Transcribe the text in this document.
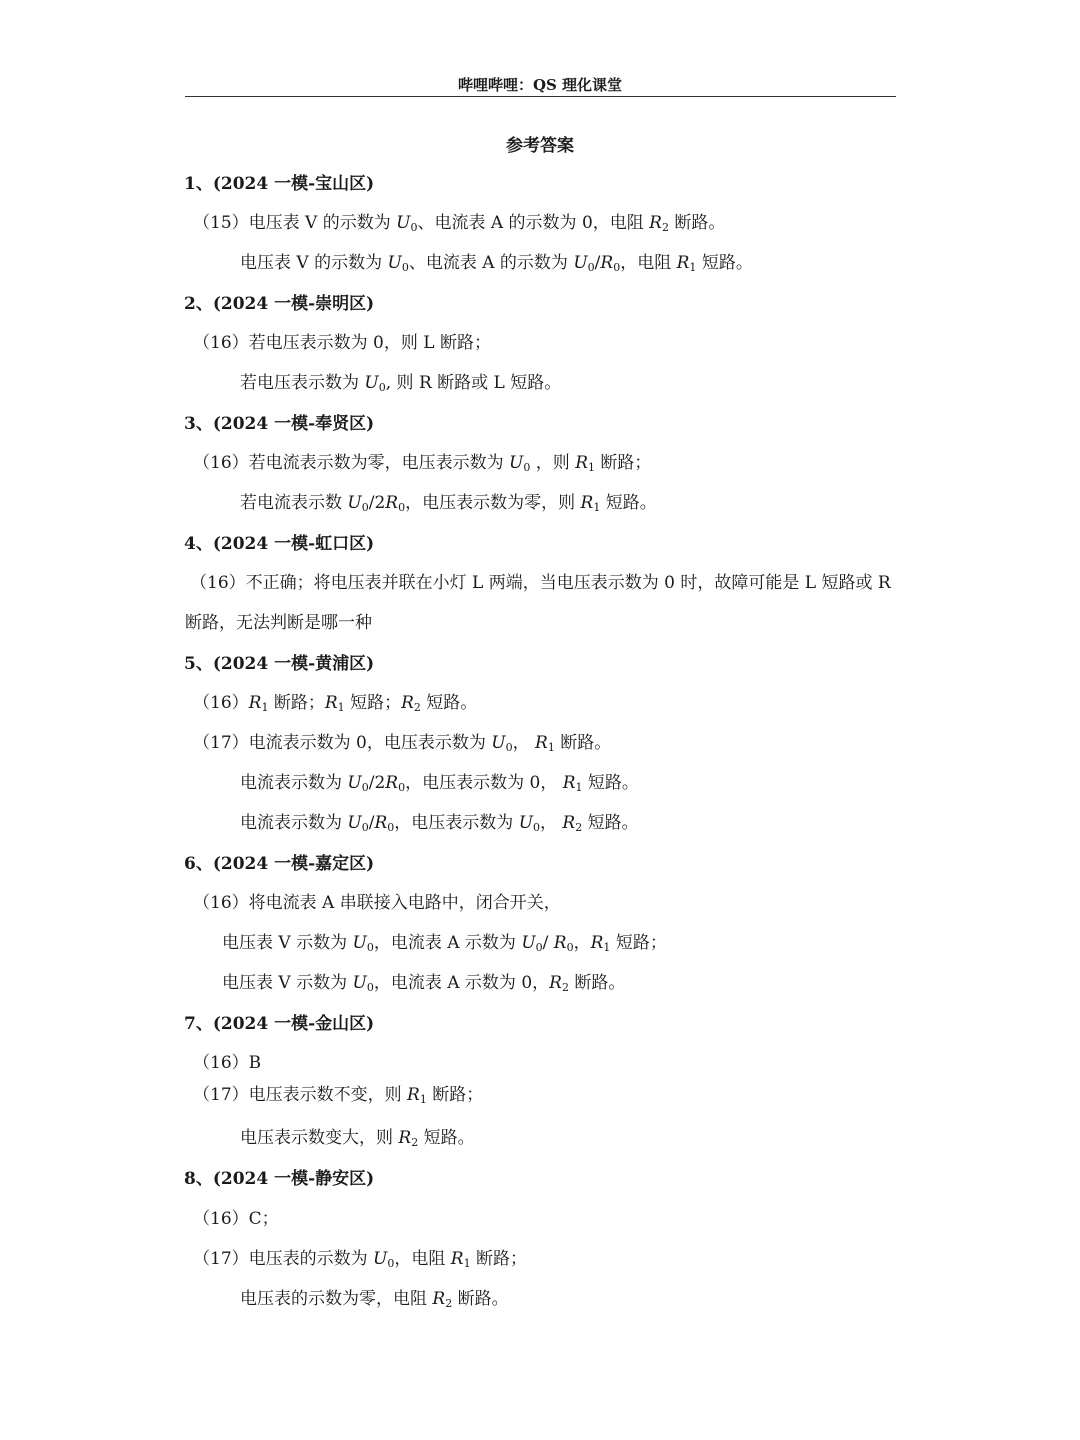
哔哩哔哩：QS 理化课堂
参考答案
1、(2024 一模-宝山区)
（15）电压表 V 的示数为 $U_0$、电流表 A 的示数为 0，电阻 $R_2$ 断路。
电压表 V 的示数为 $U_0$、电流表 A 的示数为 $U_0/R_0$，电阻 $R_1$ 短路。
2、(2024 一模-崇明区)
（16）若电压表示数为 0，则 L 断路；
若电压表示数为 $U_0$, 则 R 断路或 L 短路。
3、(2024 一模-奉贤区)
（16）若电流表示数为零，电压表示数为 $U_0$ ，则 $R_1$ 断路；
若电流表示数 $U_0/2R_0$，电压表示数为零，则 $R_1$ 短路。
4、(2024 一模-虹口区)
（16）不正确；将电压表并联在小灯 L 两端，当电压表示数为 0 时，故障可能是 L 短路或 R
断路，无法判断是哪一种
5、(2024 一模-黄浦区)
$(16)R_1$ 断路；$R_1$ 短路；$R_2$ 短路。
（17）电流表示数为 0，电压表示数为 $U_0$， $R_1$ 断路。
电流表示数为 $U_0/2R_0$，电压表示数为 0， $R_1$ 短路。
电流表示数为 $U_0/R_0$，电压表示数为 $U_0$， $R_2$ 短路。
6、(2024 一模-嘉定区)
（16）将电流表 A 串联接入电路中，闭合开关，
电压表 V 示数为 $U_0$，电流表 A 示数为 $U_0/$ $R_0$，$R_1$ 短路；
电压表 V 示数为 $U_0$，电流表 A 示数为 0，$R_2$ 断路。
7、(2024 一模-金山区)
（16）B
（17）电压表示数不变，则 $R_1$ 断路；
电压表示数变大，则 $R_2$ 短路。
8、(2024 一模-静安区)
（16）C；
（17）电压表的示数为 $U_0$，电阻 $R_1$ 断路；
电压表的示数为零，电阻 $R_2$ 断路。
